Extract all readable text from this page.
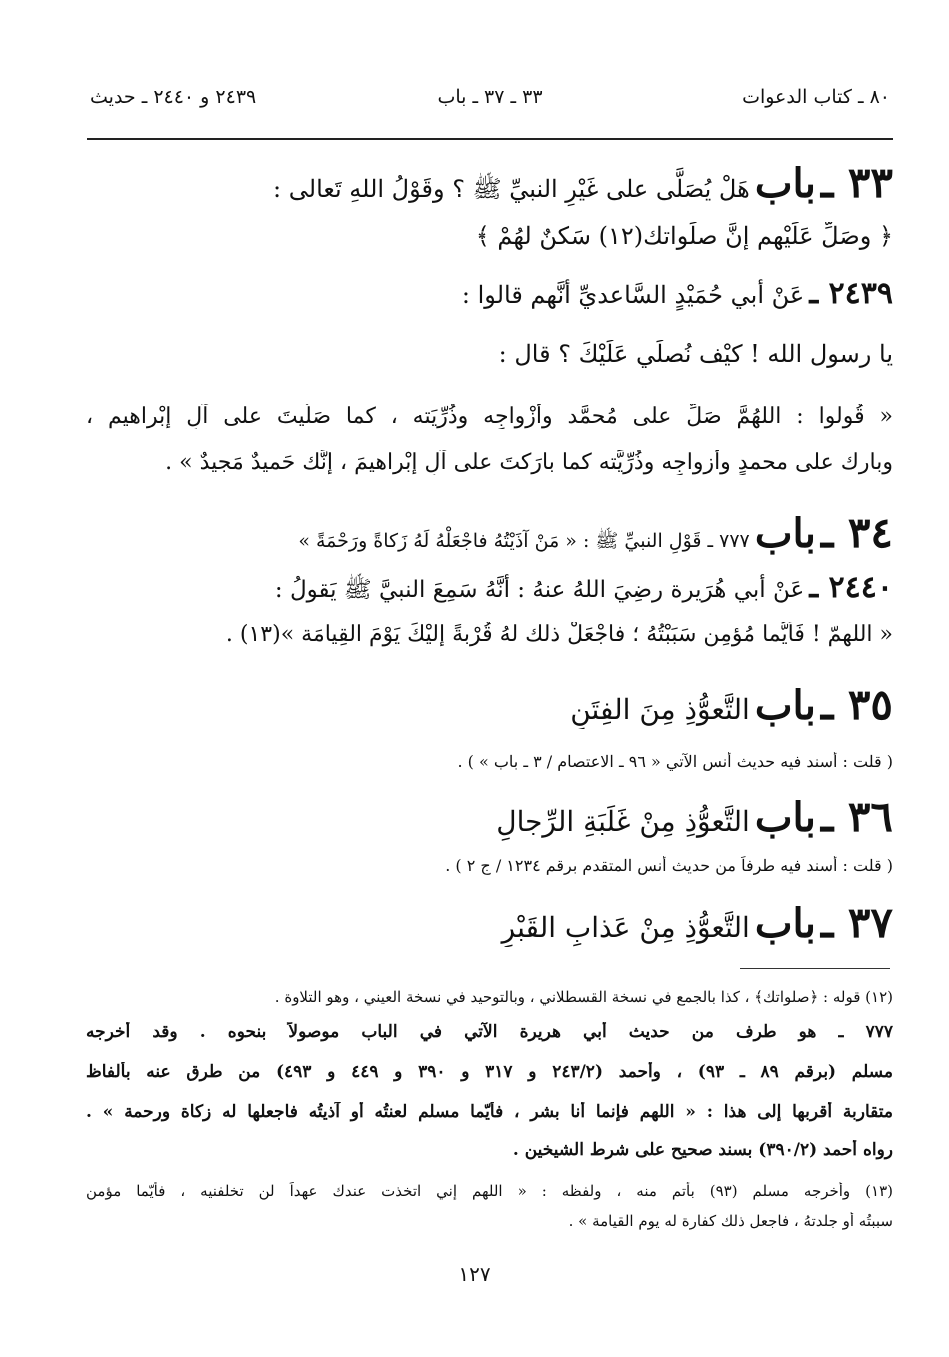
٨٠ ـ كتاب الدعوات
٣٣ ـ ٣٧ ـ باب
٢٤٣٩ و ٢٤٤٠ ـ حديث
٣٣ ـ باب هَلْ يُصَلَّى على غَيْرِ النبيِّ ﷺ ؟ وقَوْلُ اللهِ تَعالى :
﴿ وصَلِّ عَلَيْهم إنَّ صلَواتك(١٢) سَكنٌ لهُمْ ﴾
٢٤٣٩ ـ عَنْ أبي حُمَيْدٍ السَّاعديِّ أنَّهم قالوا :
يا رسول الله ! كيْف نُصلِّي عَلَيْكَ ؟ قال :
« قُولوا : اللهُمَّ صَلِّ على مُحمَّد وأَزْواجِه وذُرِّيَته ، كما صَلَّيتَ على آلِ إبْراهيم ،
وبارك على محمدٍ وأزواجِه وذُرِّيَّته كما بارَكتَ على آلِ إبْراهيمَ ، إنَّك حَميدٌ مَجيدٌ » .
٣٤ ـ باب ٧٧٧ ـ قَوْلِ النبيِّ ﷺ : « مَنْ آذَيْتُهُ فاجْعَلْهُ لَهُ زَكاةً ورَحْمَةً »
٢٤٤٠ ـ عَنْ أبي هُرَيرة رضِيَ اللهُ عنهُ : أنَّهُ سَمِعَ النبيَّ ﷺ يَقولُ :
« اللهمّ ! فَأيُّما مُؤمِنٍ سَبَبْتُهُ ؛ فاجْعَلْ ذلك لهُ قُرْبةً إليْكَ يَوْمَ القِيامَة »(١٣) .
٣٥ ـ باب التَّعوُّذِ مِنَ الفِتَنِ
( قلت : أسند فيه حديث أنس الآتي « ٩٦ ـ الاعتصام / ٣ ـ باب » ) .
٣٦ ـ باب التَّعوُّذِ مِنْ غَلَبَةِ الرِّجالِ
( قلت : أسند فيه طرفاً من حديث أنس المتقدم برقم ١٢٣٤ / ج ٢ ) .
٣٧ ـ باب التَّعوُّذِ مِنْ عَذابِ القَبْرِ
(١٢) قوله : ﴿صلواتك﴾ ، كذا بالجمع في نسخة القسطلاني ، وبالتوحيد في نسخة العيني ، وهو التلاوة .
٧٧٧ ـ هو طرف من حديث أبي هريرة الآتي في الباب موصولاً بنحوه . وقد أخرجه
مسلم (برقم ٨٩ ـ ٩٣) ، وأحمد (٢٤٣/٢ و ٣١٧ و ٣٩٠ و ٤٤٩ و ٤٩٣) من طرق عنه بألفاظ
متقاربة أقربها إلى هذا : « اللهم فإنما أنا بشر ، فأيّما مسلم لعنتُه أو آذيتُه فاجعلها له زكاة ورحمة » .
رواه أحمد (٣٩٠/٢) بسند صحيح على شرط الشيخين .
(١٣) وأخرجه مسلم (٩٣) بأتم منه ، ولفظه : « اللهم إني اتخذت عندك عهداً لن تخلفنيه ، فأيّما مؤمن
سببتُه أو جلدتهُ ، فاجعل ذلك كفارة له يوم القيامة » .
١٢٧
